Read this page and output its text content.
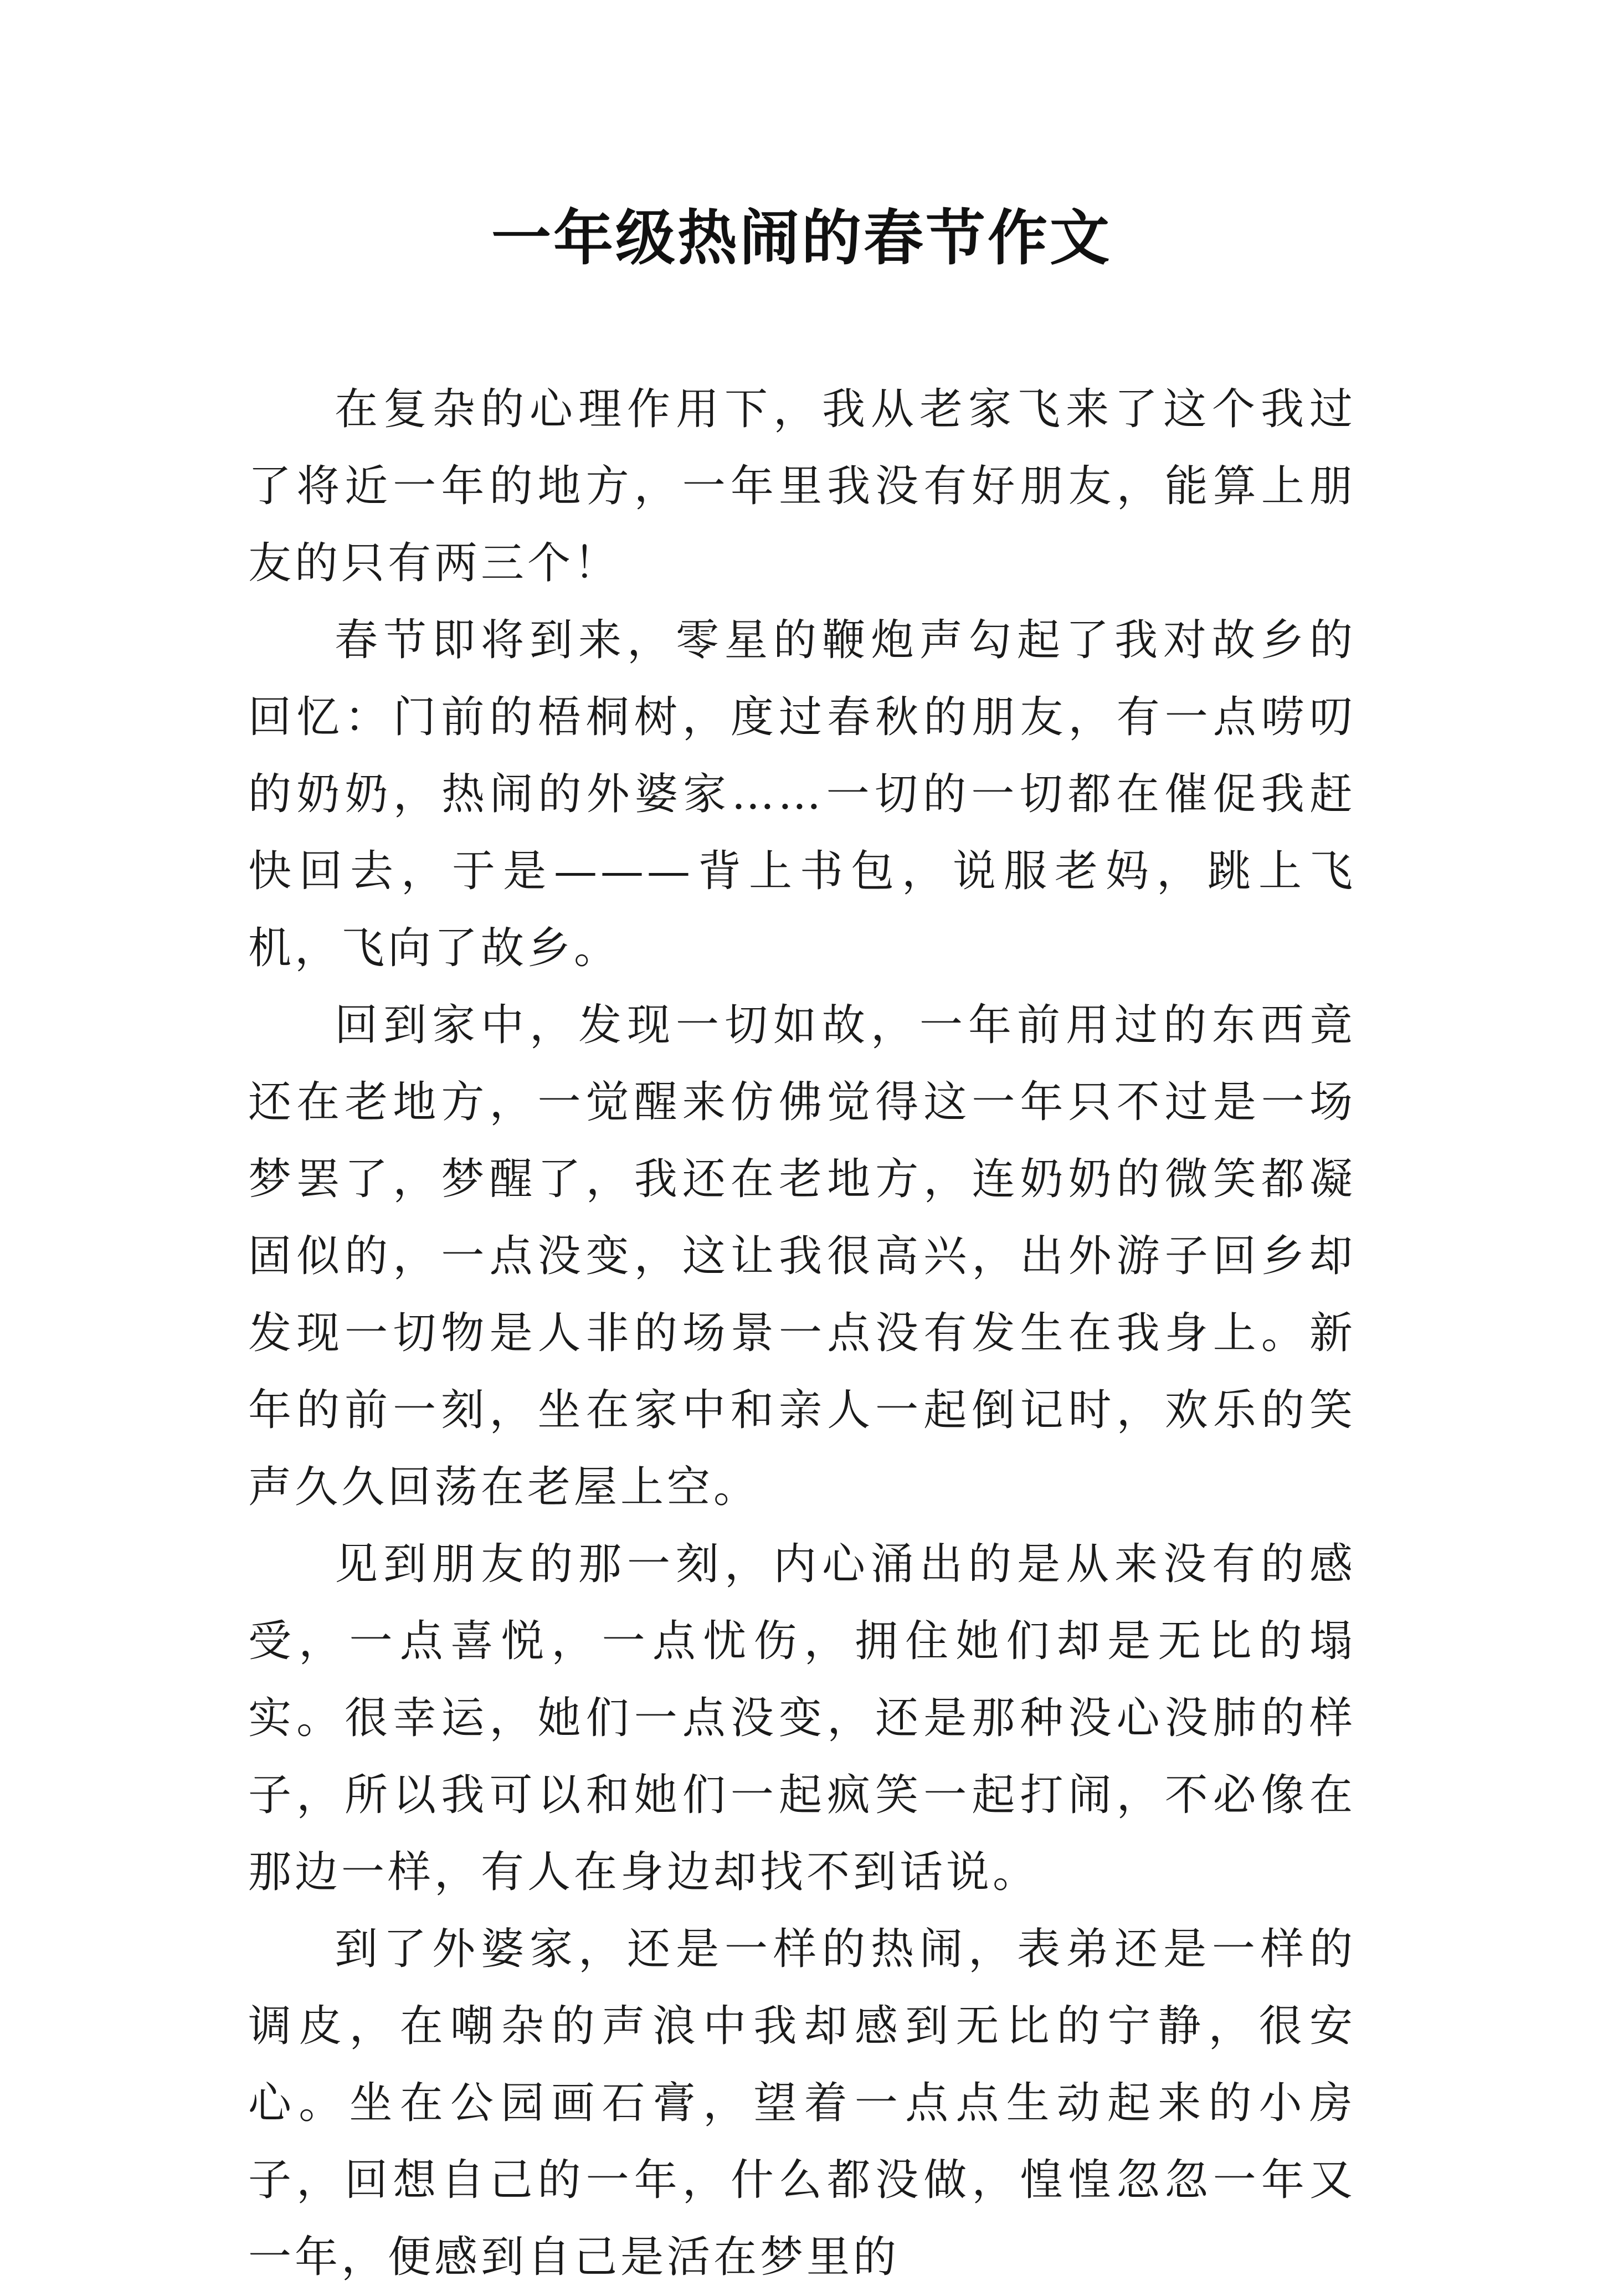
一年级热闹的春节作文

在复杂的心理作用下，我从老家飞来了这个我过了将近一年的地方，一年里我没有好朋友，能算上朋友的只有两三个！

春节即将到来，零星的鞭炮声勾起了我对故乡的回忆：门前的梧桐树，度过春秋的朋友，有一点唠叨的奶奶，热闹的外婆家……一切的一切都在催促我赶快回去，于是———背上书包，说服老妈，跳上飞机，飞向了故乡。

回到家中，发现一切如故，一年前用过的东西竟还在老地方，一觉醒来仿佛觉得这一年只不过是一场梦罢了，梦醒了，我还在老地方，连奶奶的微笑都凝固似的，一点没变，这让我很高兴，出外游子回乡却发现一切物是人非的场景一点没有发生在我身上。新年的前一刻，坐在家中和亲人一起倒记时，欢乐的笑声久久回荡在老屋上空。

见到朋友的那一刻，内心涌出的是从来没有的感受，一点喜悦，一点忧伤，拥住她们却是无比的塌实。很幸运，她们一点没变，还是那种没心没肺的样子，所以我可以和她们一起疯笑一起打闹，不必像在那边一样，有人在身边却找不到话说。

到了外婆家，还是一样的热闹，表弟还是一样的调皮，在嘲杂的声浪中我却感到无比的宁静，很安心。坐在公园画石膏，望着一点点生动起来的小房子，回想自己的一年，什么都没做，惶惶忽忽一年又一年，便感到自己是活在梦里的
